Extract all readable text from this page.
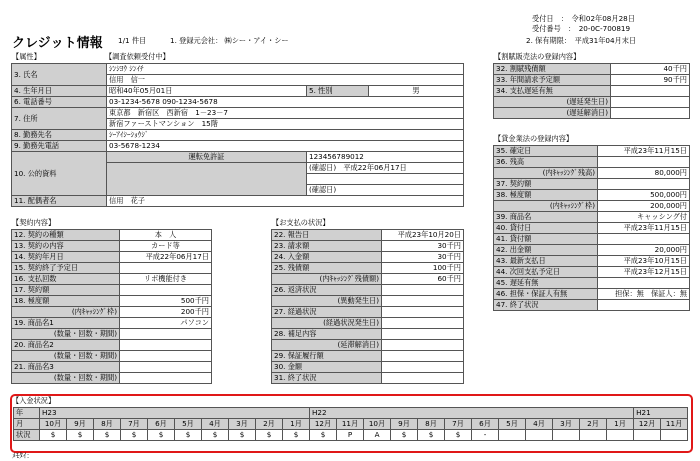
受付日　：　令和02年08月28日
受付番号　：　20-0C-700819
2. 保有期限：　平成31年04月末日
クレジット情報 1/1 件目	1. 登録元会社： ㈱シー・アイ・シー
【属性】	【調査依頼受付中】
3. 氏名	ｼﾝｼﾖｳ ｼﾝｲﾁ		
	信用　信一		
4. 生年月日	昭和40年05月01日	5. 性別	男
6. 電話番号	03-1234-5678 090-1234-5678		
7. 住所	東京都　新宿区　西新宿　1－23－7		
	新宿ファーストマンション　15階		
8. 勤務先名	ｼｰｱｲｼｰｼｮｳｼﾞ		
9. 勤務先電話	03-5678-1234		
10. 公的資料	運転免許証	123456789012	
		(確認日)　平成22年06月17日	

		(確認日)	
11. 配偶者名	信用　花子		
【割賦販売法の登録内容】
32. 割賦残債額	40千円
33. 年間請求予定額	90千円
34. 支払遅延有無	
(遅延発生日)	
(遅延解消日)	
【貸金業法の登録内容】
35. 確定日	平成23年11月15日
36. 残高	
(内ｷｬｯｼﾝｸﾞ残高)	80,000円
37. 契約額	
38. 極度額	500,000円
(内ｷｬｯｼﾝｸﾞ枠)	200,000円
39. 商品名	キャッシング付
40. 貸付日	平成23年11月15日
41. 貸付額	
42. 出金額	20,000円
43. 最新支払日	平成23年10月15日
44. 次回支払予定日	平成23年12月15日
45. 遅延有無	
46. 担保・保証人有無	担保：無　保証人：無
47. 終了状況	
【契約内容】
12. 契約の種類	本　人
13. 契約の内容	カード等
14. 契約年月日	平成22年06月17日
15. 契約終了予定日	
16. 支払回数	リボ機能付き
17. 契約額	
18. 極度額	500千円
(内ｷｬｯｼﾝｸﾞ枠)	200千円
19. 商品名1	パソコン
(数量・回数・期間)	
20. 商品名2	
(数量・回数・期間)	
21. 商品名3	
(数量・回数・期間)	
【お支払の状況】
22. 報告日	平成23年10月20日
23. 請求額	30千円
24. 入金額	30千円
25. 残債額	100千円
(内ｷｬｯｼﾝｸﾞ残債額)	60千円
26. 返済状況	
(異動発生日)	
27. 経過状況	
(経過状況発生日)	
28. 補足内容	
(延滞解消日)	
29. 保証履行額	
30. 金額	
31. 終了状況	
【入金状況】
年	H23										H22												H21	
月	10月	9月	8月	7月	6月	5月	4月	3月	2月	1月	12月	11月	10月	9月	8月	7月	6月	5月	4月	3月	2月	1月	12月	11月
状況	$	$	$	$	$	$	$	$	$	$	$	P	A	$	$	$	-							
ﾒﾓﾀｲ：
